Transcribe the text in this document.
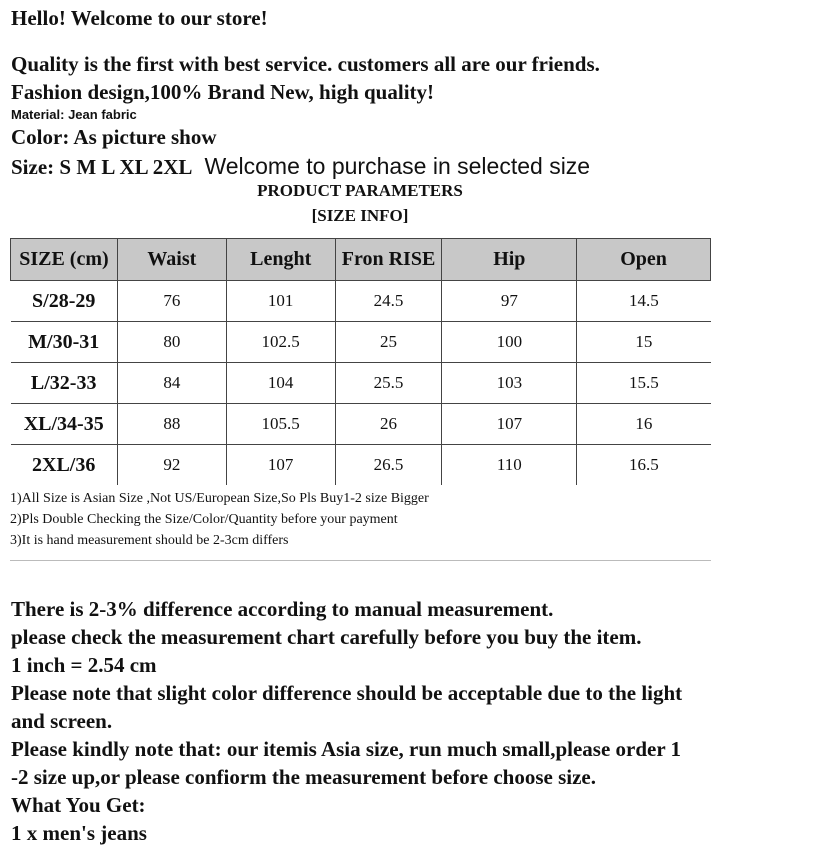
Hello! Welcome to our store!
Quality is the first with best service. customers all are our friends.
Fashion design,100% Brand New, high quality!
Material: Jean fabric
Color: As picture show
Size: S M L XL 2XL Welcome to purchase in selected size
PRODUCT PARAMETERS
[SIZE INFO]
SIZE (cm)	Waist	Lenght	Fron RISE	Hip	Open
S/28-29	76	101	24.5	97	14.5
M/30-31	80	102.5	25	100	15
L/32-33	84	104	25.5	103	15.5
XL/34-35	88	105.5	26	107	16
2XL/36	92	107	26.5	110	16.5
1)All Size is Asian Size ,Not US/European Size,So Pls Buy1-2 size Bigger
2)Pls Double Checking the Size/Color/Quantity before your payment
3)It is hand measurement should be 2-3cm differs
There is 2-3% difference according to manual measurement.
please check the measurement chart carefully before you buy the item.
1 inch = 2.54 cm
Please note that slight color difference should be acceptable due to the light
and screen.
Please kindly note that: our itemis Asia size, run much small,please order 1
-2 size up,or please confiorm the measurement before choose size.
What You Get:
1 x men's jeans
